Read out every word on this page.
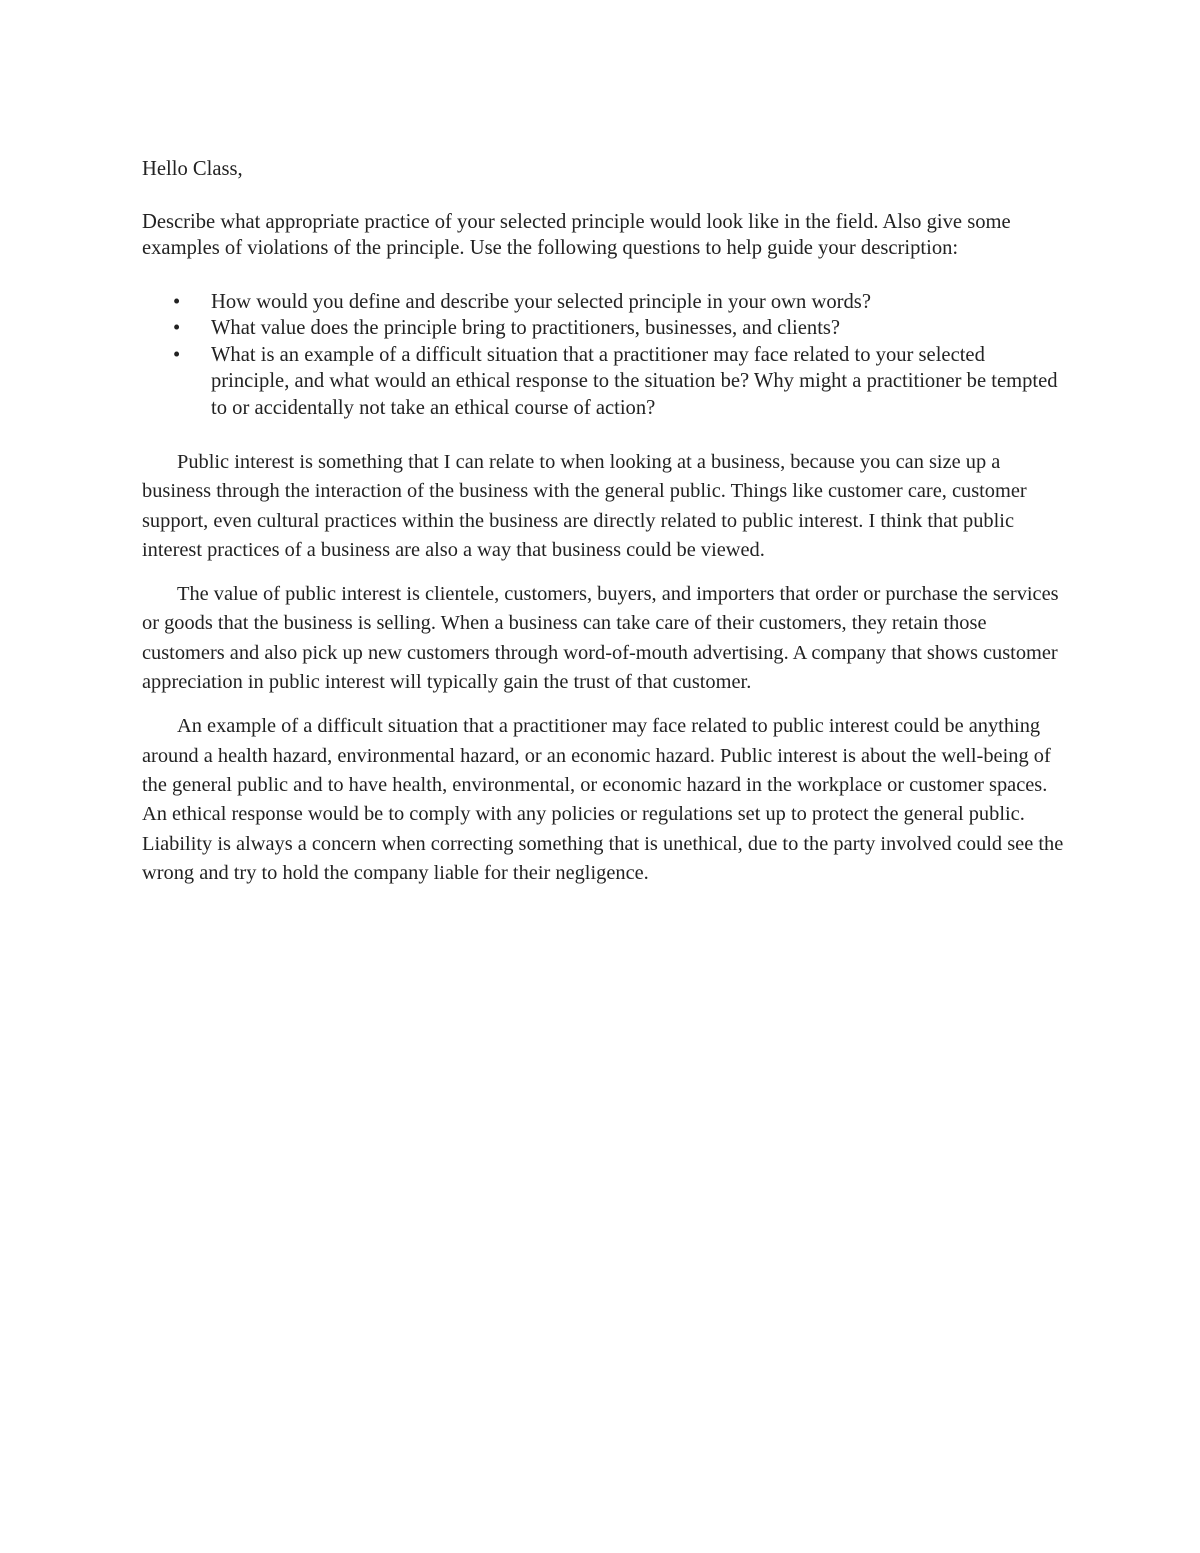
Hello Class,

Describe what appropriate practice of your selected principle would look like in the field. Also give some examples of violations of the principle. Use the following questions to help guide your description:

• How would you define and describe your selected principle in your own words?
• What value does the principle bring to practitioners, businesses, and clients?
• What is an example of a difficult situation that a practitioner may face related to your selected principle, and what would an ethical response to the situation be? Why might a practitioner be tempted to or accidentally not take an ethical course of action?

Public interest is something that I can relate to when looking at a business, because you can size up a business through the interaction of the business with the general public. Things like customer care, customer support, even cultural practices within the business are directly related to public interest. I think that public interest practices of a business are also a way that business could be viewed.

The value of public interest is clientele, customers, buyers, and importers that order or purchase the services or goods that the business is selling. When a business can take care of their customers, they retain those customers and also pick up new customers through word-of-mouth advertising. A company that shows customer appreciation in public interest will typically gain the trust of that customer.

An example of a difficult situation that a practitioner may face related to public interest could be anything around a health hazard, environmental hazard, or an economic hazard. Public interest is about the well-being of the general public and to have health, environmental, or economic hazard in the workplace or customer spaces. An ethical response would be to comply with any policies or regulations set up to protect the general public. Liability is always a concern when correcting something that is unethical, due to the party involved could see the wrong and try to hold the company liable for their negligence.
